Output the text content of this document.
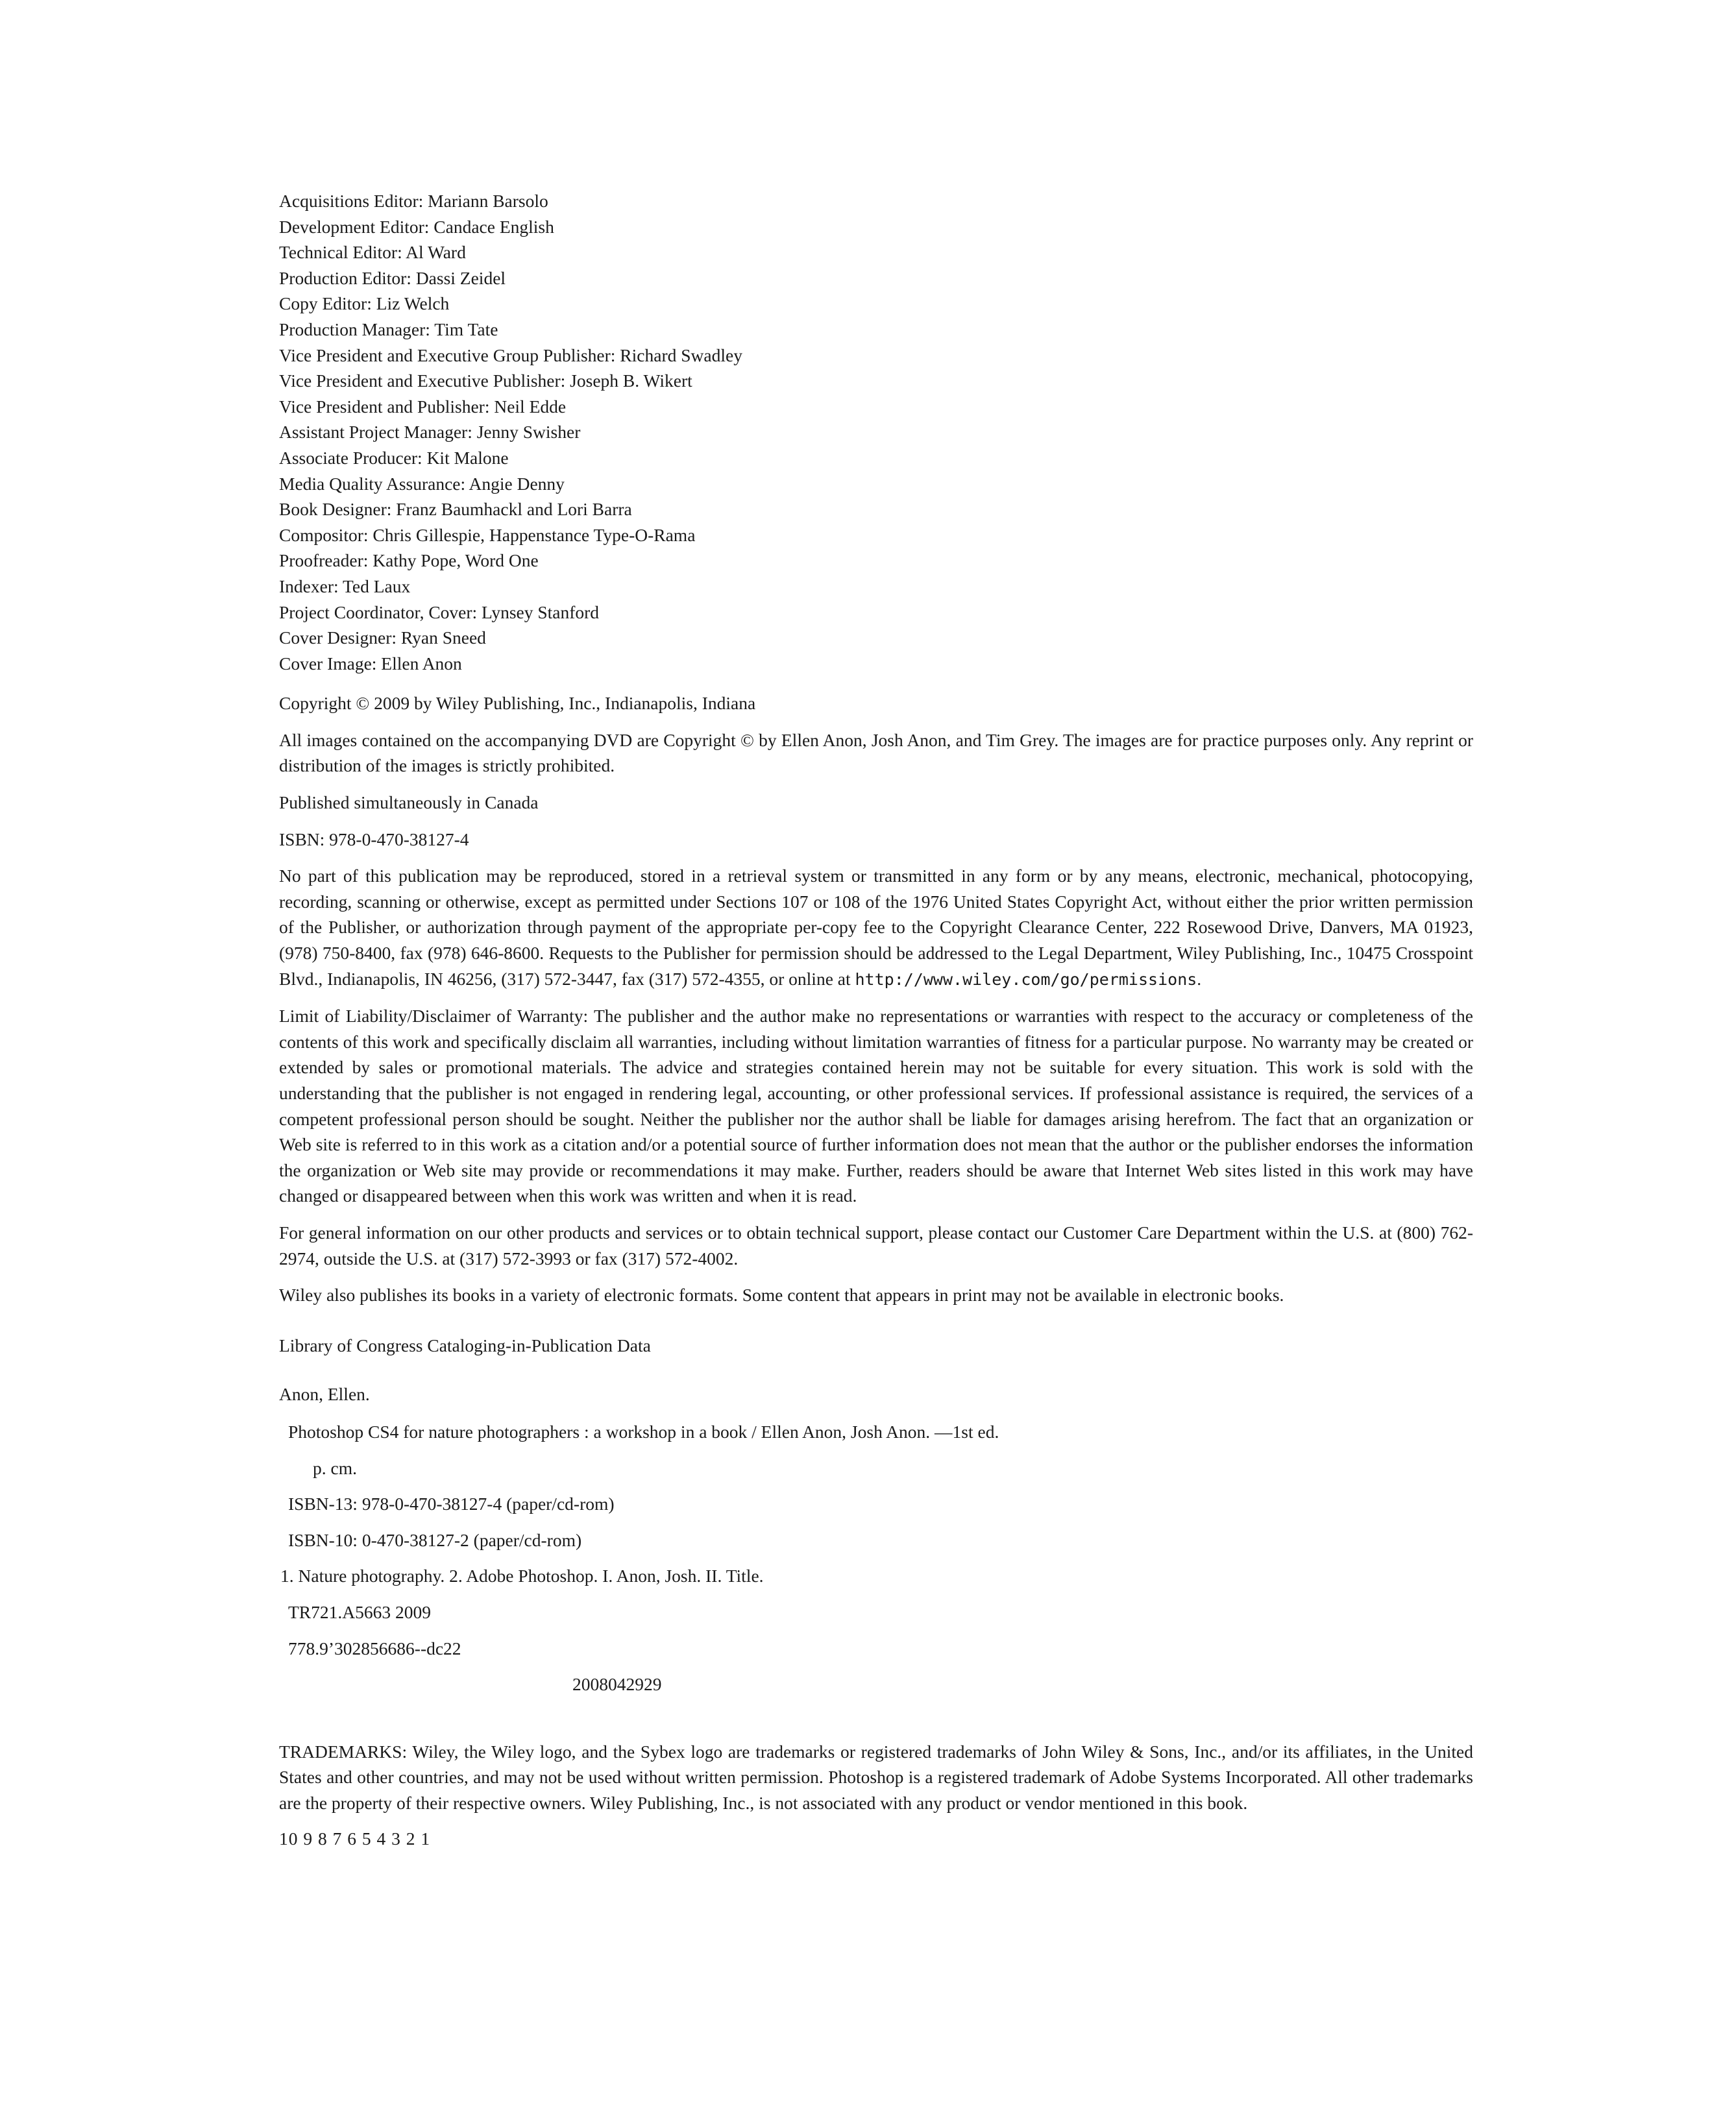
Acquisitions Editor: Mariann Barsolo
Development Editor: Candace English
Technical Editor: Al Ward
Production Editor: Dassi Zeidel
Copy Editor: Liz Welch
Production Manager: Tim Tate
Vice President and Executive Group Publisher: Richard Swadley
Vice President and Executive Publisher: Joseph B. Wikert
Vice President and Publisher: Neil Edde
Assistant Project Manager: Jenny Swisher
Associate Producer: Kit Malone
Media Quality Assurance: Angie Denny
Book Designer: Franz Baumhackl and Lori Barra
Compositor: Chris Gillespie, Happenstance Type-O-Rama
Proofreader: Kathy Pope, Word One
Indexer: Ted Laux
Project Coordinator, Cover: Lynsey Stanford
Cover Designer: Ryan Sneed
Cover Image: Ellen Anon

Copyright © 2009 by Wiley Publishing, Inc., Indianapolis, Indiana

All images contained on the accompanying DVD are Copyright © by Ellen Anon, Josh Anon, and Tim Grey. The images are for practice purposes only. Any reprint or distribution of the images is strictly prohibited.

Published simultaneously in Canada

ISBN: 978-0-470-38127-4

No part of this publication may be reproduced, stored in a retrieval system or transmitted in any form or by any means, electronic, mechanical, photocopying, recording, scanning or otherwise, except as permitted under Sections 107 or 108 of the 1976 United States Copyright Act, without either the prior written permission of the Publisher, or authorization through payment of the appropriate per-copy fee to the Copyright Clearance Center, 222 Rosewood Drive, Danvers, MA 01923, (978) 750-8400, fax (978) 646-8600. Requests to the Publisher for permission should be addressed to the Legal Department, Wiley Publishing, Inc., 10475 Crosspoint Blvd., Indianapolis, IN 46256, (317) 572-3447, fax (317) 572-4355, or online at http://www.wiley.com/go/permissions.

Limit of Liability/Disclaimer of Warranty: The publisher and the author make no representations or warranties with respect to the accuracy or completeness of the contents of this work and specifically disclaim all warranties, including without limitation warranties of fitness for a particular purpose. No warranty may be created or extended by sales or promotional materials. The advice and strategies contained herein may not be suitable for every situation. This work is sold with the understanding that the publisher is not engaged in rendering legal, accounting, or other professional services. If professional assistance is required, the services of a competent professional person should be sought. Neither the publisher nor the author shall be liable for damages arising herefrom. The fact that an organization or Web site is referred to in this work as a citation and/or a potential source of further information does not mean that the author or the publisher endorses the information the organization or Web site may provide or recommendations it may make. Further, readers should be aware that Internet Web sites listed in this work may have changed or disappeared between when this work was written and when it is read.

For general information on our other products and services or to obtain technical support, please contact our Customer Care Department within the U.S. at (800) 762-2974, outside the U.S. at (317) 572-3993 or fax (317) 572-4002.

Wiley also publishes its books in a variety of electronic formats. Some content that appears in print may not be available in electronic books.

Library of Congress Cataloging-in-Publication Data
Anon, Ellen.
Photoshop CS4 for nature photographers : a workshop in a book / Ellen Anon, Josh Anon. —1st ed.
p. cm.
ISBN-13: 978-0-470-38127-4 (paper/cd-rom)
ISBN-10: 0-470-38127-2 (paper/cd-rom)
1. Nature photography. 2. Adobe Photoshop. I. Anon, Josh. II. Title.
TR721.A5663 2009
778.9’302856686--dc22
2008042929

TRADEMARKS: Wiley, the Wiley logo, and the Sybex logo are trademarks or registered trademarks of John Wiley & Sons, Inc., and/or its affiliates, in the United States and other countries, and may not be used without written permission. Photoshop is a registered trademark of Adobe Systems Incorporated. All other trademarks are the property of their respective owners. Wiley Publishing, Inc., is not associated with any product or vendor mentioned in this book.

10 9 8 7 6 5 4 3 2 1
